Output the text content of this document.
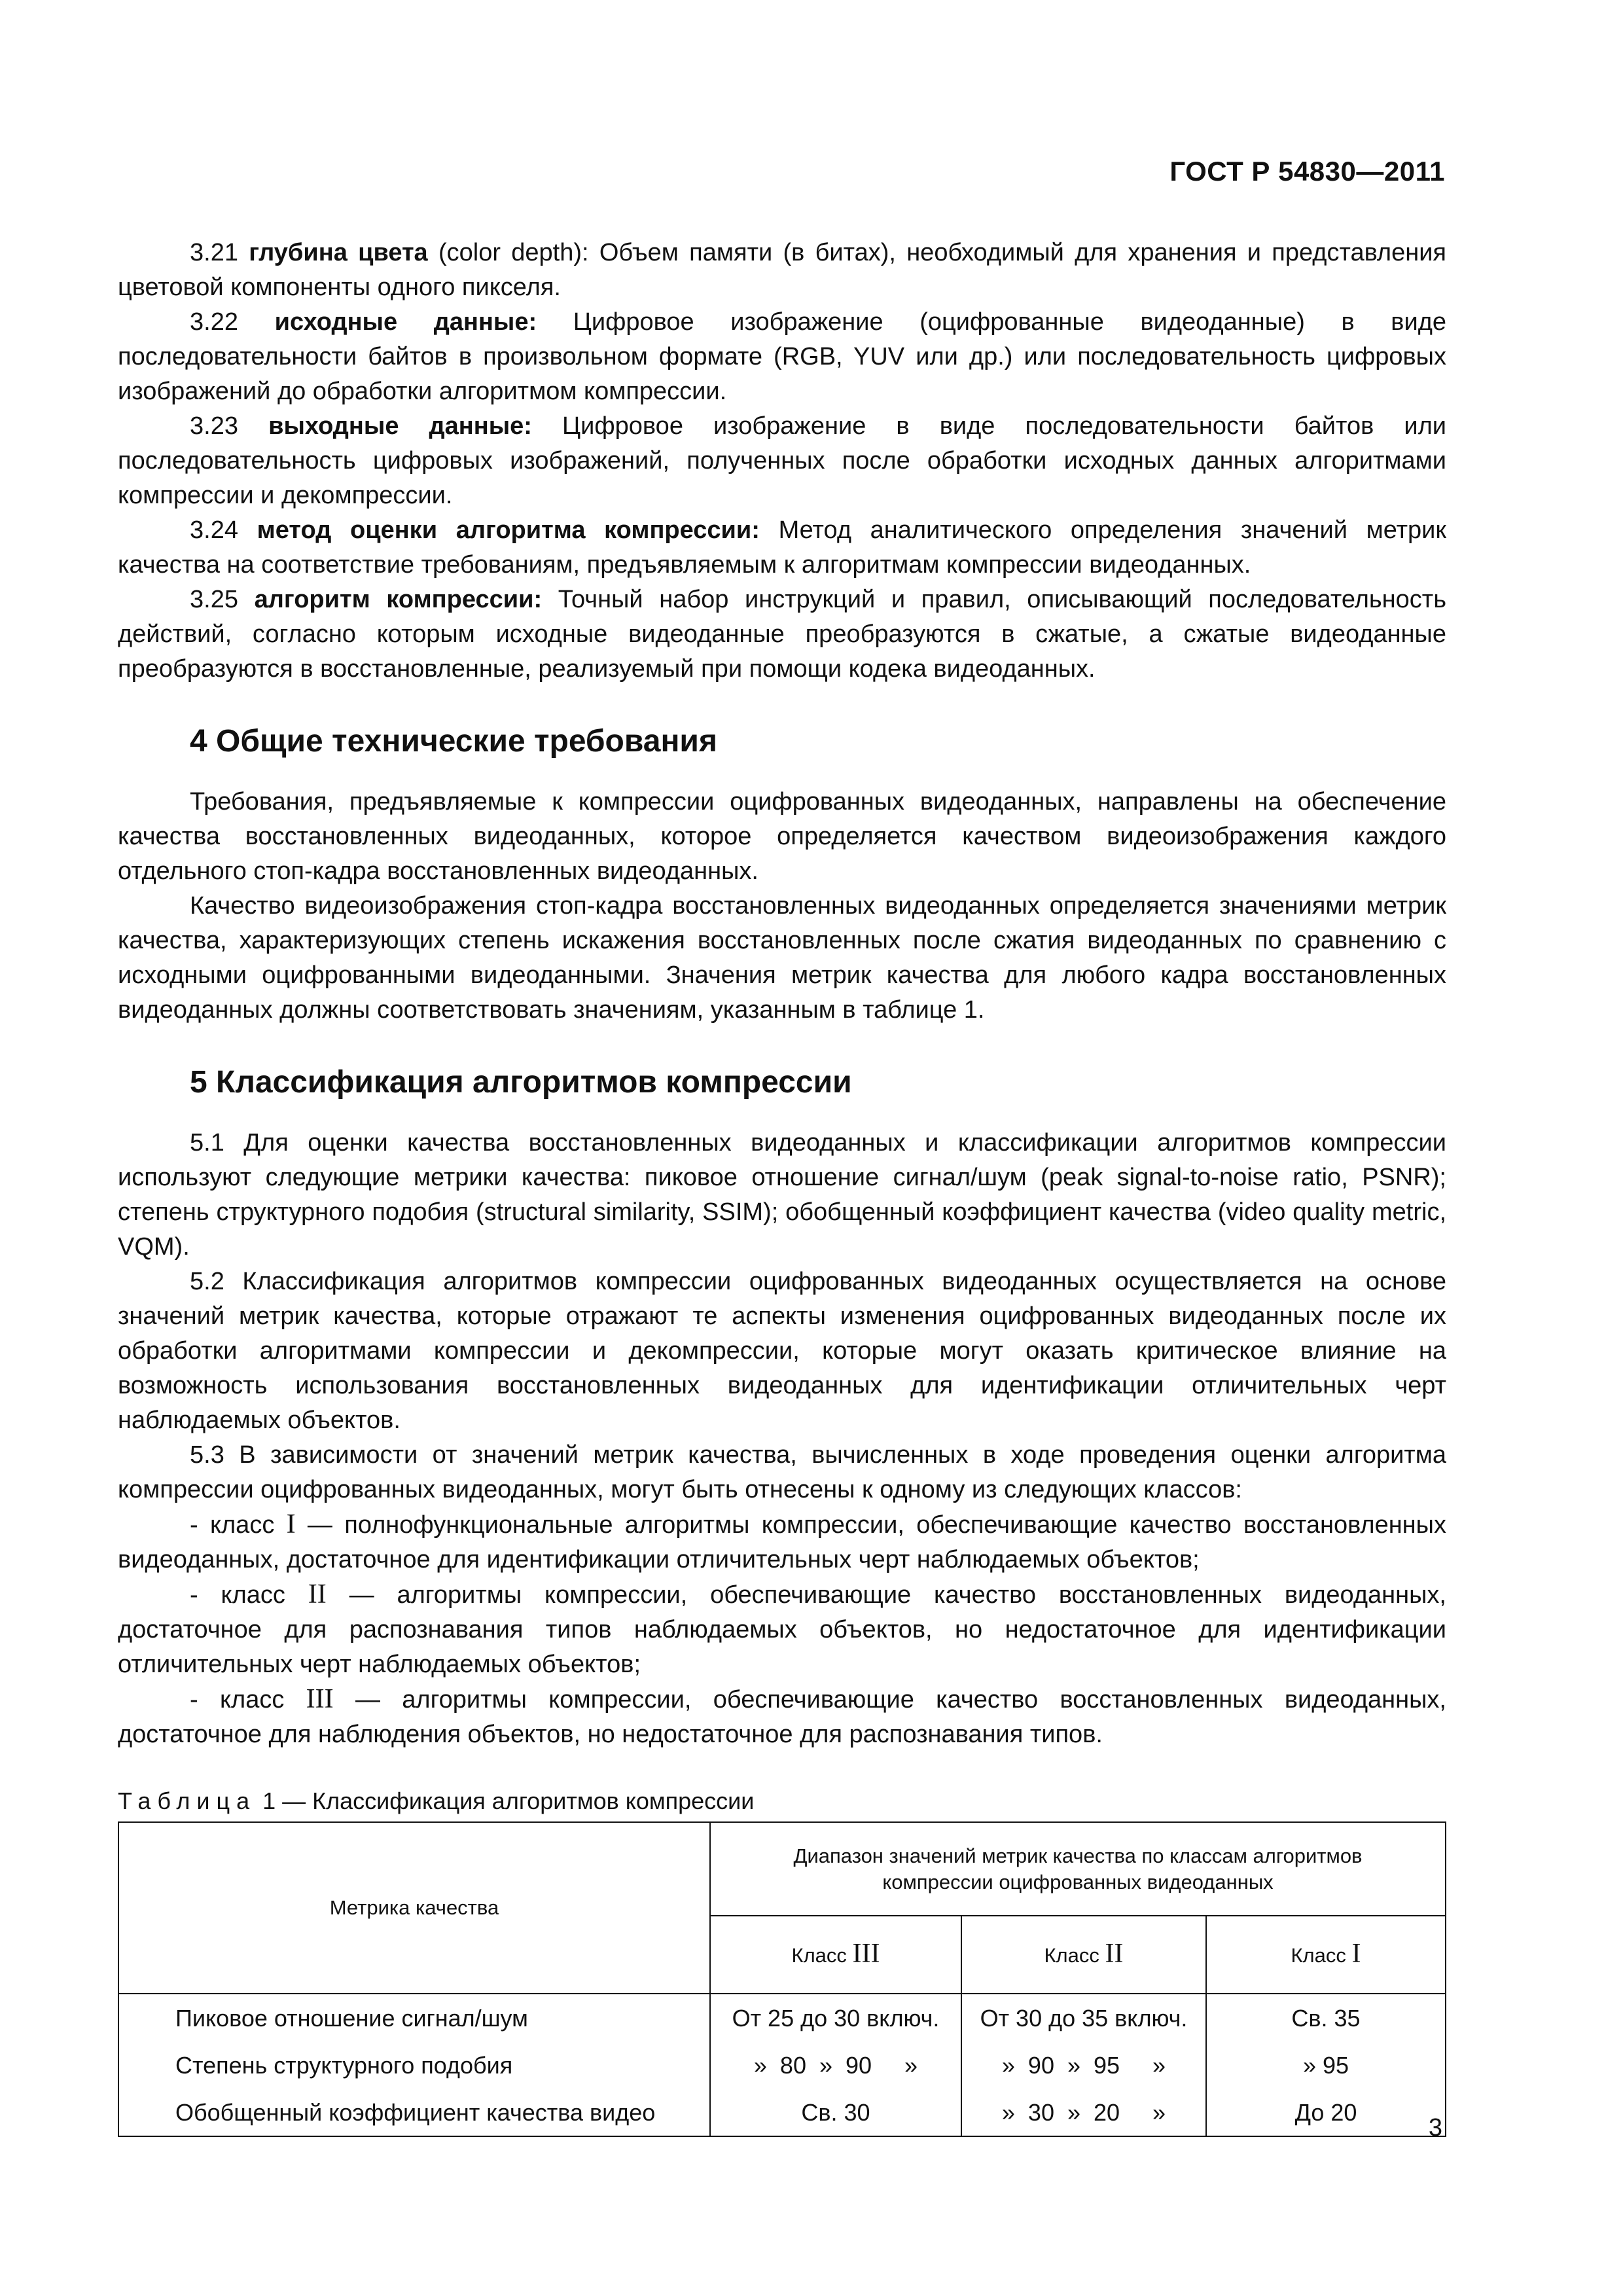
ГОСТ Р 54830—2011

3.21 глубина цвета (color depth): Объем памяти (в битах), необходимый для хранения и представления цветовой компоненты одного пикселя.

3.22 исходные данные: Цифровое изображение (оцифрованные видеоданные) в виде последовательности байтов в произвольном формате (RGB, YUV или др.) или последовательность цифровых изображений до обработки алгоритмом компрессии.

3.23 выходные данные: Цифровое изображение в виде последовательности байтов или последовательность цифровых изображений, полученных после обработки исходных данных алгоритмами компрессии и декомпрессии.

3.24 метод оценки алгоритма компрессии: Метод аналитического определения значений метрик качества на соответствие требованиям, предъявляемым к алгоритмам компрессии видеоданных.

3.25 алгоритм компрессии: Точный набор инструкций и правил, описывающий последовательность действий, согласно которым исходные видеоданные преобразуются в сжатые, а сжатые видеоданные преобразуются в восстановленные, реализуемый при помощи кодека видеоданных.

4 Общие технические требования

Требования, предъявляемые к компрессии оцифрованных видеоданных, направлены на обеспечение качества восстановленных видеоданных, которое определяется качеством видеоизображения каждого отдельного стоп-кадра восстановленных видеоданных.

Качество видеоизображения стоп-кадра восстановленных видеоданных определяется значениями метрик качества, характеризующих степень искажения восстановленных после сжатия видеоданных по сравнению с исходными оцифрованными видеоданными. Значения метрик качества для любого кадра восстановленных видеоданных должны соответствовать значениям, указанным в таблице 1.

5 Классификация алгоритмов компрессии

5.1 Для оценки качества восстановленных видеоданных и классификации алгоритмов компрессии используют следующие метрики качества: пиковое отношение сигнал/шум (peak signal-to-noise ratio, PSNR); степень структурного подобия (structural similarity, SSIM); обобщенный коэффициент качества (video quality metric, VQM).

5.2 Классификация алгоритмов компрессии оцифрованных видеоданных осуществляется на основе значений метрик качества, которые отражают те аспекты изменения оцифрованных видеоданных после их обработки алгоритмами компрессии и декомпрессии, которые могут оказать критическое влияние на возможность использования восстановленных видеоданных для идентификации отличительных черт наблюдаемых объектов.

5.3 В зависимости от значений метрик качества, вычисленных в ходе проведения оценки алгоритма компрессии оцифрованных видеоданных, могут быть отнесены к одному из следующих классов:

- класс I — полнофункциональные алгоритмы компрессии, обеспечивающие качество восстановленных видеоданных, достаточное для идентификации отличительных черт наблюдаемых объектов;

- класс II — алгоритмы компрессии, обеспечивающие качество восстановленных видеоданных, достаточное для распознавания типов наблюдаемых объектов, но недостаточное для идентификации отличительных черт наблюдаемых объектов;

- класс III — алгоритмы компрессии, обеспечивающие качество восстановленных видеоданных, достаточное для наблюдения объектов, но недостаточное для распознавания типов.

Таблица 1 — Классификация алгоритмов компрессии
Метрика качества	Диапазон значений метрик качества по классам алгоритмов компрессии оцифрованных видеоданных		
	Класс III	Класс II	Класс I
Пиковое отношение сигнал/шум	От 25 до 30 включ.	От 30 до 35 включ.	Св. 35
Степень структурного подобия	»  80  »  90     »	»  90  »  95     »	» 95
Обобщенный коэффициент качества видео	Св. 30	»  30  »  20     »	До 20
3
